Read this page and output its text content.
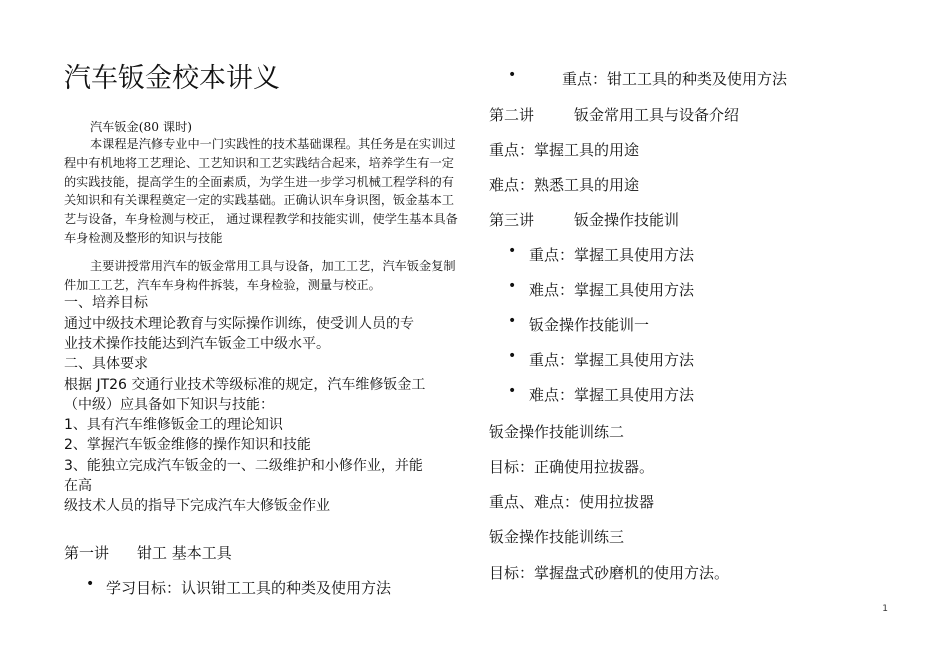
汽车钣金校本讲义
汽车钣金(80 课时)
本课程是汽修专业中一门实践性的技术基础课程。其任务是在实训过程中有机地将工艺理论、工艺知识和工艺实践结合起来，培养学生有一定的实践技能，提高学生的全面素质，为学生进一步学习机械工程学科的有关知识和有关课程奠定一定的实践基础。正确认识车身识图，钣金基本工艺与设备，车身检测与校正， 通过课程教学和技能实训，使学生基本具备车身检测及整形的知识与技能
主要讲授常用汽车的钣金常用工具与设备，加工工艺，汽车钣金复制件加工工艺，汽车车身构件拆装，车身检验，测量与校正。
一、培养目标
通过中级技术理论教育与实际操作训练，使受训人员的专
业技术操作技能达到汽车钣金工中级水平。
二、具体要求
根据 JT26 交通行业技术等级标准的规定，汽车维修钣金工
（中级）应具备如下知识与技能：
1、具有汽车维修钣金工的理论知识
2、掌握汽车钣金维修的操作知识和技能
3、能独立完成汽车钣金的一、二级维护和小修作业，并能
在高
级技术人员的指导下完成汽车大修钣金作业
第一讲 钳工 基本工具
• 学习目标：认识钳工工具的种类及使用方法
•	重点：钳工工具的种类及使用方法
第二讲	钣金常用工具与设备介绍
重点：掌握工具的用途
难点：熟悉工具的用途
第三讲	钣金操作技能训
• 重点：掌握工具使用方法
• 难点：掌握工具使用方法
• 钣金操作技能训一
• 重点：掌握工具使用方法
• 难点：掌握工具使用方法
钣金操作技能训练二
目标：正确使用拉拔器。
重点、难点：使用拉拔器
钣金操作技能训练三
目标：掌握盘式砂磨机的使用方法。
1
